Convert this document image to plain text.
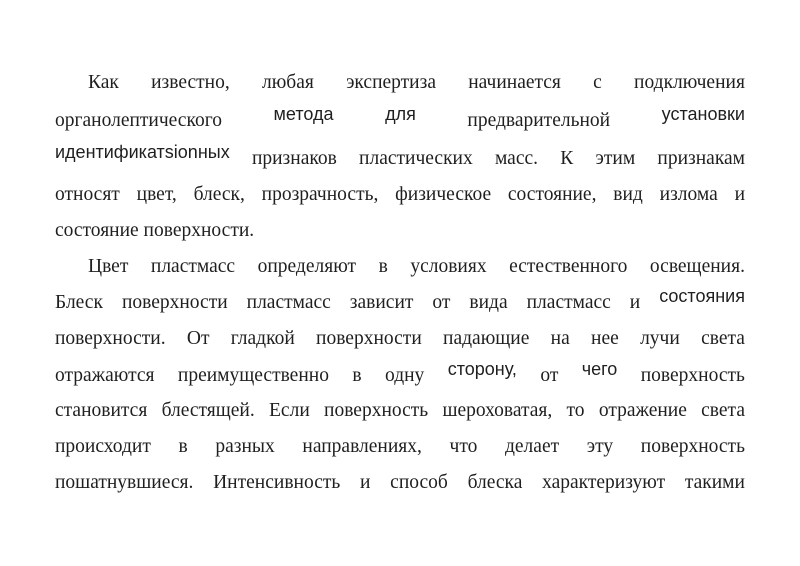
Как известно, любая экспертиза начинается с подключения
органолептического	метода	для	предварительной	установки
идентификатsionных признаков пластических масс. К этим признакам
относят цвет, блеск, прозрачность, физическое состояние, вид излома и
состояние поверхности.
Цвет пластмасс определяют в условиях естественного освещения.
Блеск поверхности пластмасс зависит от вида пластмасс и состояния
поверхности. От гладкой поверхности падающие на нее лучи света
отражаются преимущественно в одну сторону, от чего поверхность
становится блестящей. Если поверхность шероховатая, то отражение света
происходит в разных направлениях, что делает эту поверхность
пошатнувшиеся. Интенсивность и способ блеска характеризуют такими
